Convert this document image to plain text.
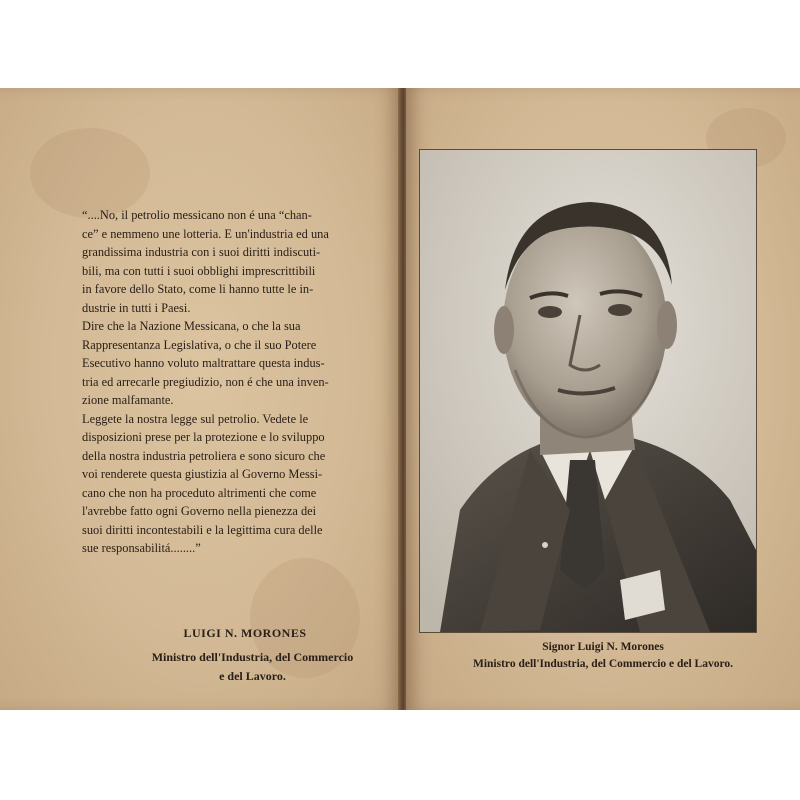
“....No, il petrolio messicano non é una “chan-

ce” e nemmeno une lotteria. E un'industria ed una

grandissima industria con i suoi diritti indiscuti-

bili, ma con tutti i suoi obblighi imprescrittibili

in favore dello Stato, come li hanno tutte le in-

dustrie in tutti i Paesi.

Dire che la Nazione Messicana, o che la sua

Rappresentanza Legislativa, o che il suo Potere

Esecutivo hanno voluto maltrattare questa indus-

tria ed arrecarle pregiudizio, non é che una inven-

zione malfamante.

Leggete la nostra legge sul petrolio. Vedete le

disposizioni prese per la protezione e lo sviluppo

della nostra industria petroliera e sono sicuro che

voi renderete questa giustizia al Governo Messi-

cano che non ha proceduto altrimenti che come

l'avrebbe fatto ogni Governo nella pienezza dei

suoi diritti incontestabili e la legittima cura delle

sue responsabilitá........”

LUIGI N. MORONES
Ministro dell'Industria, del Commercio
e del Lavoro.
Signor Luigi N. Morones
Ministro dell'Industria, del Commercio e del Lavoro.
